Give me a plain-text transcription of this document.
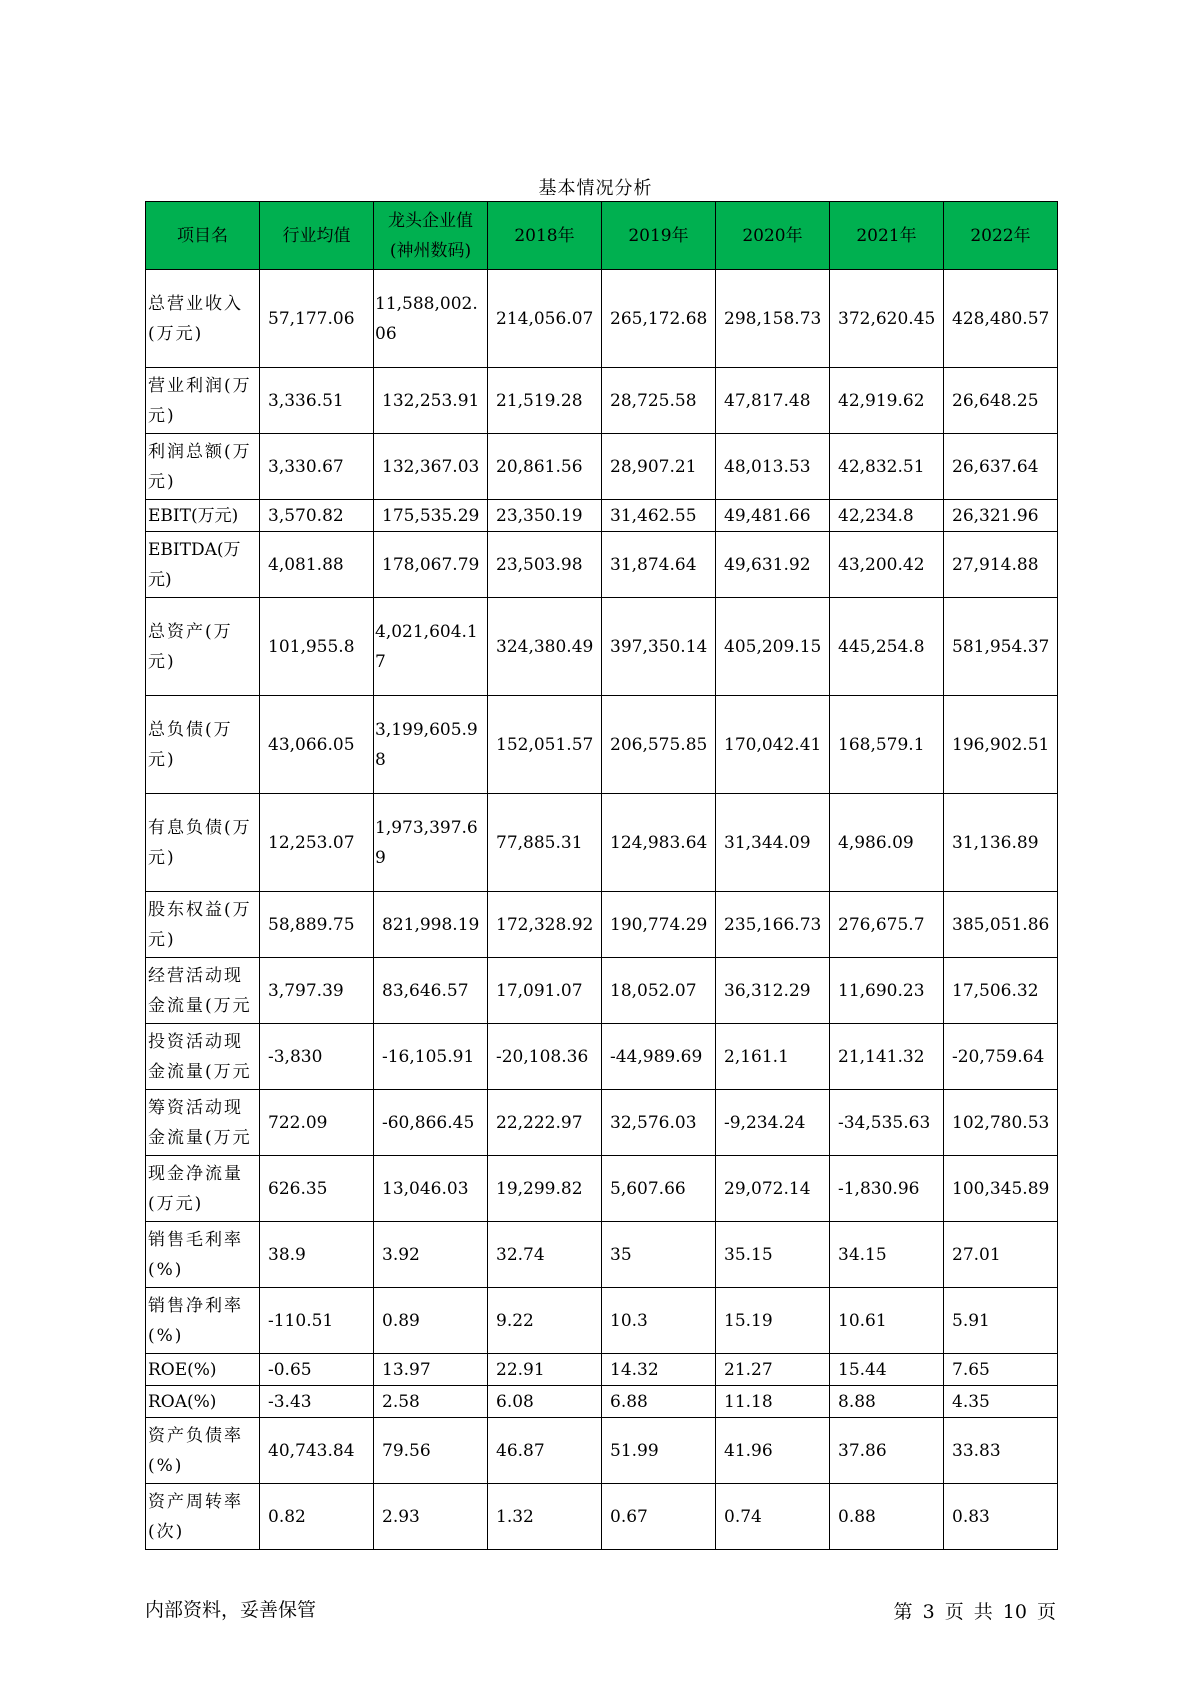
基本情况分析
项目名	行业均值	龙头企业值(神州数码)	2018年	2019年	2020年	2021年	2022年
总营业收入(万元)	57,177.06	11,588,002.06	214,056.07	265,172.68	298,158.73	372,620.45	428,480.57
营业利润(万元)	3,336.51	132,253.91	21,519.28	28,725.58	47,817.48	42,919.62	26,648.25
利润总额(万元)	3,330.67	132,367.03	20,861.56	28,907.21	48,013.53	42,832.51	26,637.64
EBIT(万元)	3,570.82	175,535.29	23,350.19	31,462.55	49,481.66	42,234.8	26,321.96
EBITDA(万元)	4,081.88	178,067.79	23,503.98	31,874.64	49,631.92	43,200.42	27,914.88
总资产(万元)	101,955.8	4,021,604.17	324,380.49	397,350.14	405,209.15	445,254.8	581,954.37
总负债(万元)	43,066.05	3,199,605.98	152,051.57	206,575.85	170,042.41	168,579.1	196,902.51
有息负债(万元)	12,253.07	1,973,397.69	77,885.31	124,983.64	31,344.09	4,986.09	31,136.89
股东权益(万元)	58,889.75	821,998.19	172,328.92	190,774.29	235,166.73	276,675.7	385,051.86
经营活动现金流量(万元	3,797.39	83,646.57	17,091.07	18,052.07	36,312.29	11,690.23	17,506.32
投资活动现金流量(万元	-3,830	-16,105.91	-20,108.36	-44,989.69	2,161.1	21,141.32	-20,759.64
筹资活动现金流量(万元	722.09	-60,866.45	22,222.97	32,576.03	-9,234.24	-34,535.63	102,780.53
现金净流量(万元)	626.35	13,046.03	19,299.82	5,607.66	29,072.14	-1,830.96	100,345.89
销售毛利率(%)	38.9	3.92	32.74	35	35.15	34.15	27.01
销售净利率(%)	-110.51	0.89	9.22	10.3	15.19	10.61	5.91
ROE(%)	-0.65	13.97	22.91	14.32	21.27	15.44	7.65
ROA(%)	-3.43	2.58	6.08	6.88	11.18	8.88	4.35
资产负债率(%)	40,743.84	79.56	46.87	51.99	41.96	37.86	33.83
资产周转率(次)	0.82	2.93	1.32	0.67	0.74	0.88	0.83
内部资料，妥善保管	第 3 页 共 10 页
